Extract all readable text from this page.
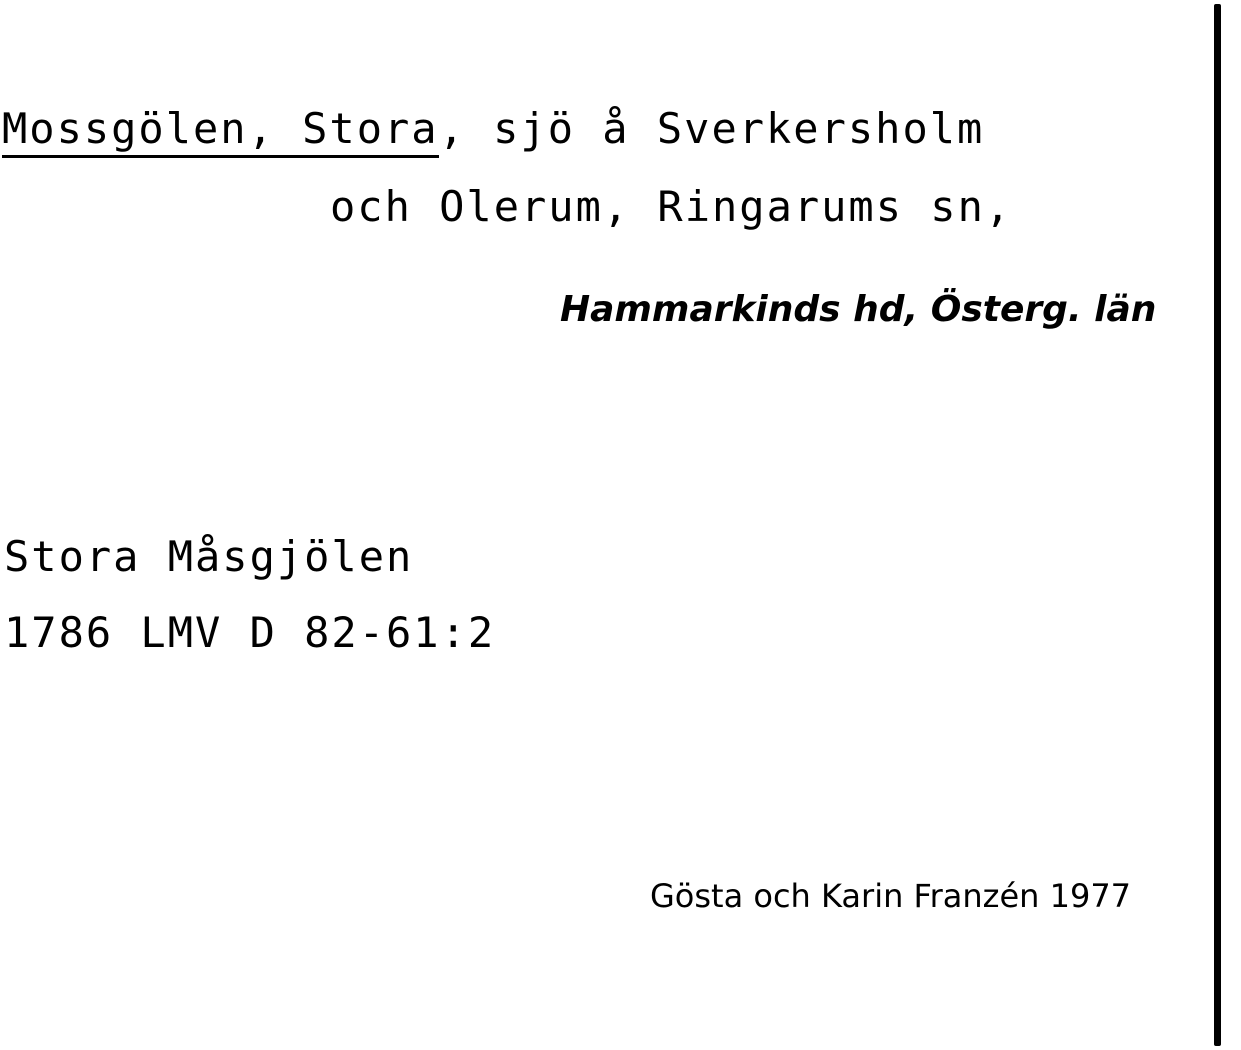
Mossgölen, Stora, sjö å Sverkersholm
och Olerum, Ringarums sn,
Hammarkinds hd, Österg. län
Stora Måsgjölen
1786 LMV D 82-61:2
Gösta och Karin Franzén 1977
